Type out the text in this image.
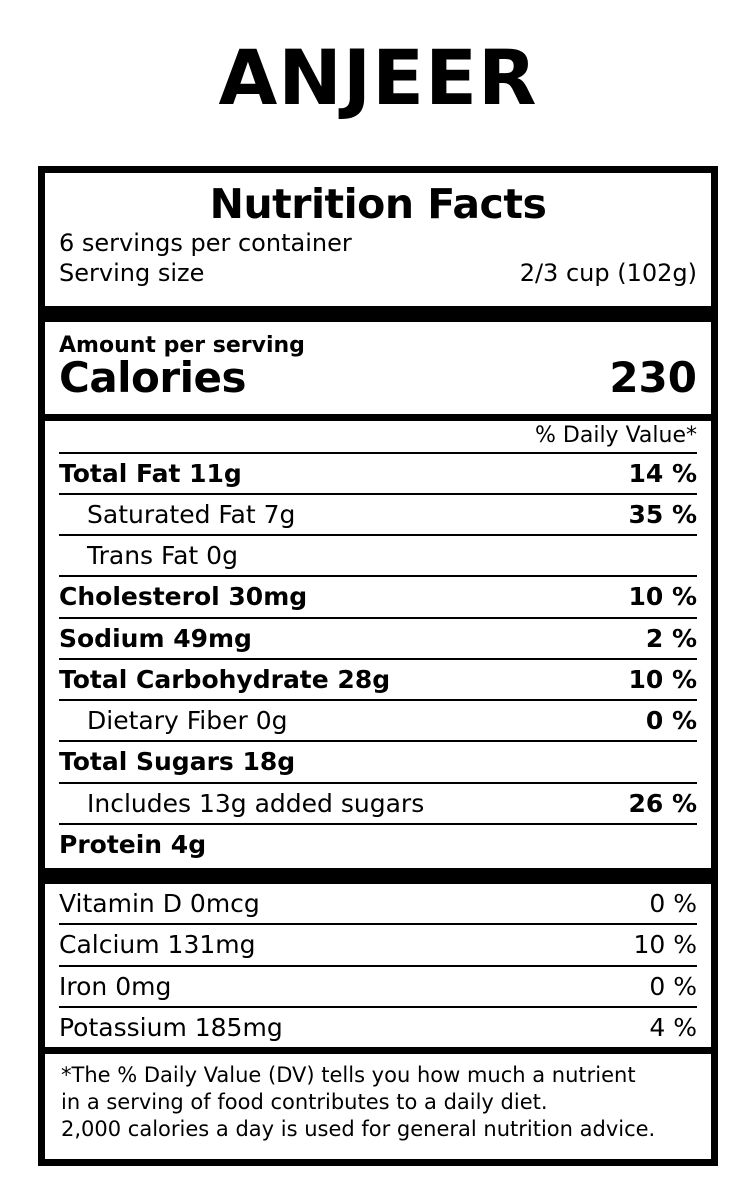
ANJEER
Nutrition Facts
6 servings per container
Serving size	2/3 cup (102g)
Amount per serving
Calories	230
% Daily Value*
Total Fat 11g	14 %
Saturated Fat 7g	35 %
Trans Fat 0g
Cholesterol 30mg	10 %
Sodium 49mg	2 %
Total Carbohydrate 28g	10 %
Dietary Fiber 0g	0 %
Total Sugars 18g
Includes 13g added sugars	26 %
Protein 4g
Vitamin D 0mcg	0 %
Calcium 131mg	10 %
Iron 0mg	0 %
Potassium 185mg	4 %
*The % Daily Value (DV) tells you how much a nutrient
in a serving of food contributes to a daily diet.
2,000 calories a day is used for general nutrition advice.
